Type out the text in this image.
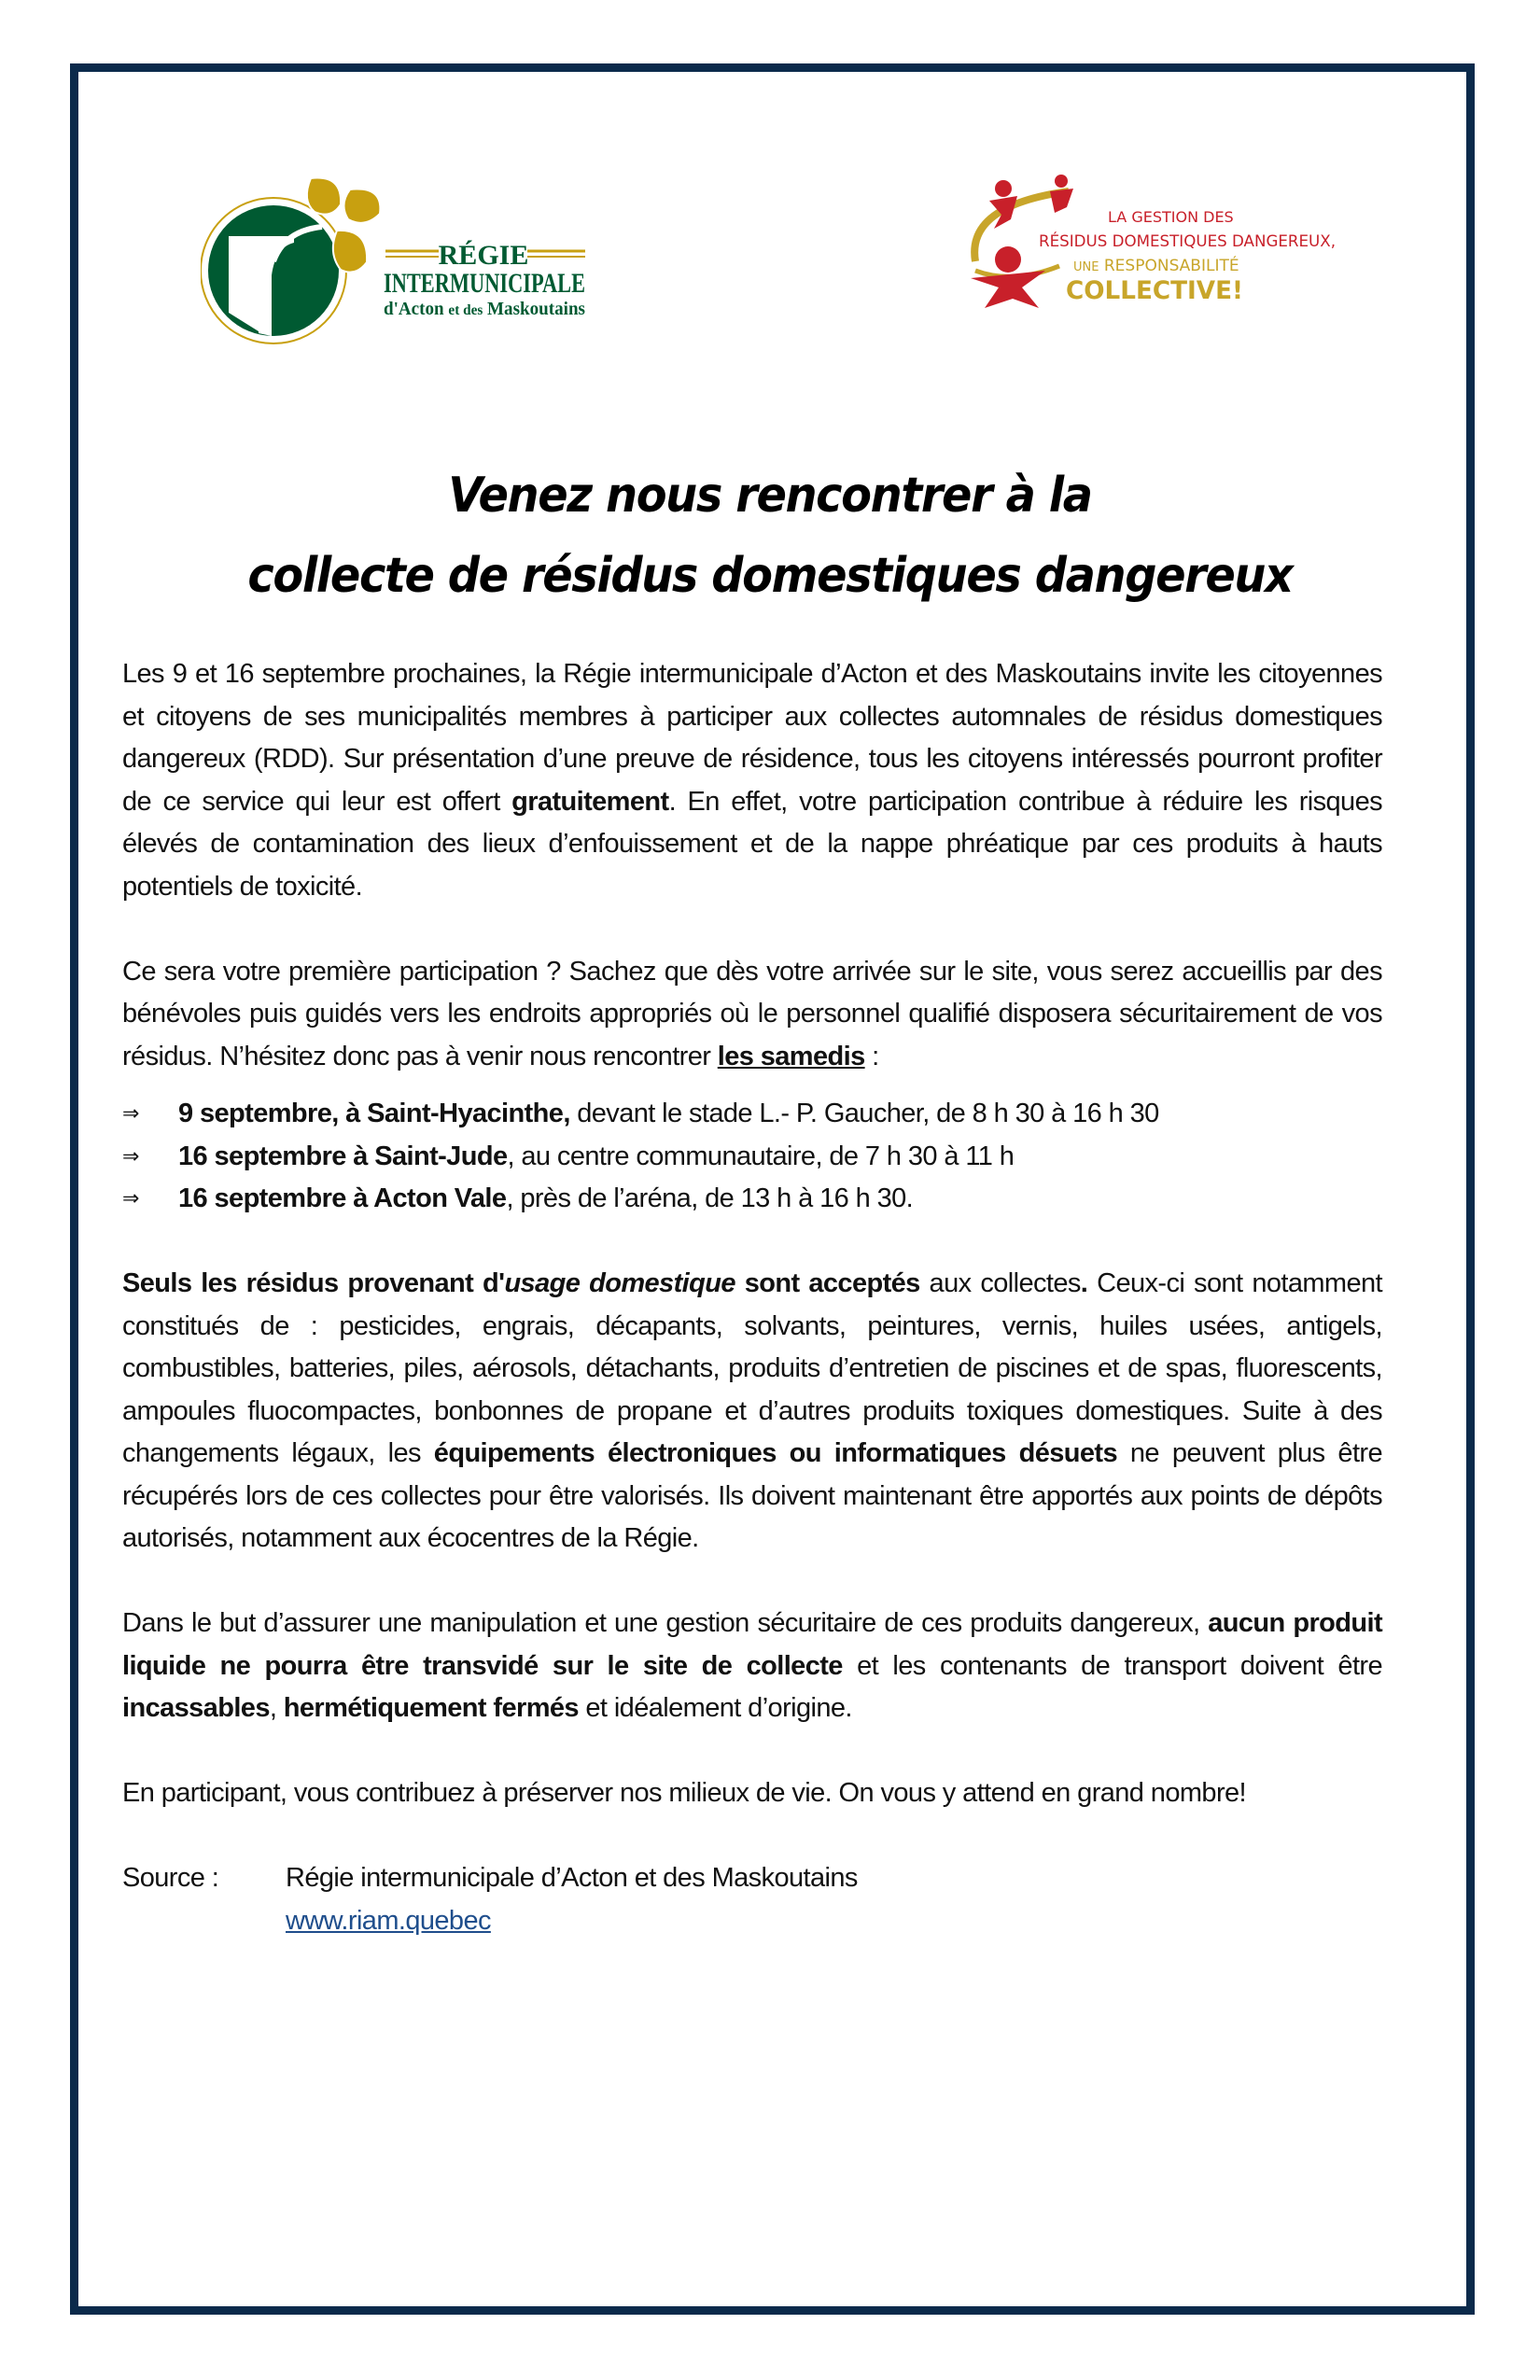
RÉGIE
INTERMUNICIPALE
d'Acton et des Maskoutains
LA GESTION DES
RÉSIDUS DOMESTIQUES DANGEREUX,
UNE RESPONSABILITÉ
COLLECTIVE!
Venez nous rencontrer à la
collecte de résidus domestiques dangereux

Les 9 et 16 septembre prochaines, la Régie intermunicipale d’Acton et des Maskoutains invite les citoyennes et citoyens de ses municipalités membres à participer aux collectes automnales de résidus domestiques dangereux (RDD). Sur présentation d’une preuve de résidence, tous les citoyens intéressés pourront profiter de ce service qui leur est offert gratuitement. En effet, votre participation contribue à réduire les risques élevés de contamination des lieux d’enfouissement et de la nappe phréatique par ces produits à hauts potentiels de toxicité.

Ce sera votre première participation ? Sachez que dès votre arrivée sur le site, vous serez accueillis par des bénévoles puis guidés vers les endroits appropriés où le personnel qualifié disposera sécuritairement de vos résidus. N’hésitez donc pas à venir nous rencontrer les samedis :

⇒ 9 septembre, à Saint-Hyacinthe, devant le stade L.- P. Gaucher, de 8 h 30 à 16 h 30
⇒ 16 septembre à Saint-Jude, au centre communautaire, de 7 h 30 à 11 h
⇒ 16 septembre à Acton Vale, près de l’aréna, de 13 h à 16 h 30.

Seuls les résidus provenant d'usage domestique sont acceptés aux collectes. Ceux-ci sont notamment constitués de : pesticides, engrais, décapants, solvants, peintures, vernis, huiles usées, antigels, combustibles, batteries, piles, aérosols, détachants, produits d’entretien de piscines et de spas, fluorescents, ampoules fluocompactes, bonbonnes de propane et d’autres produits toxiques domestiques. Suite à des changements légaux, les équipements électroniques ou informatiques désuets ne peuvent plus être récupérés lors de ces collectes pour être valorisés. Ils doivent maintenant être apportés aux points de dépôts autorisés, notamment aux écocentres de la Régie.

Dans le but d’assurer une manipulation et une gestion sécuritaire de ces produits dangereux, aucun produit liquide ne pourra être transvidé sur le site de collecte et les contenants de transport doivent être incassables, hermétiquement fermés et idéalement d’origine.

En participant, vous contribuez à préserver nos milieux de vie. On vous y attend en grand nombre!

Source :	Régie intermunicipale d’Acton et des Maskoutains
www.riam.quebec
